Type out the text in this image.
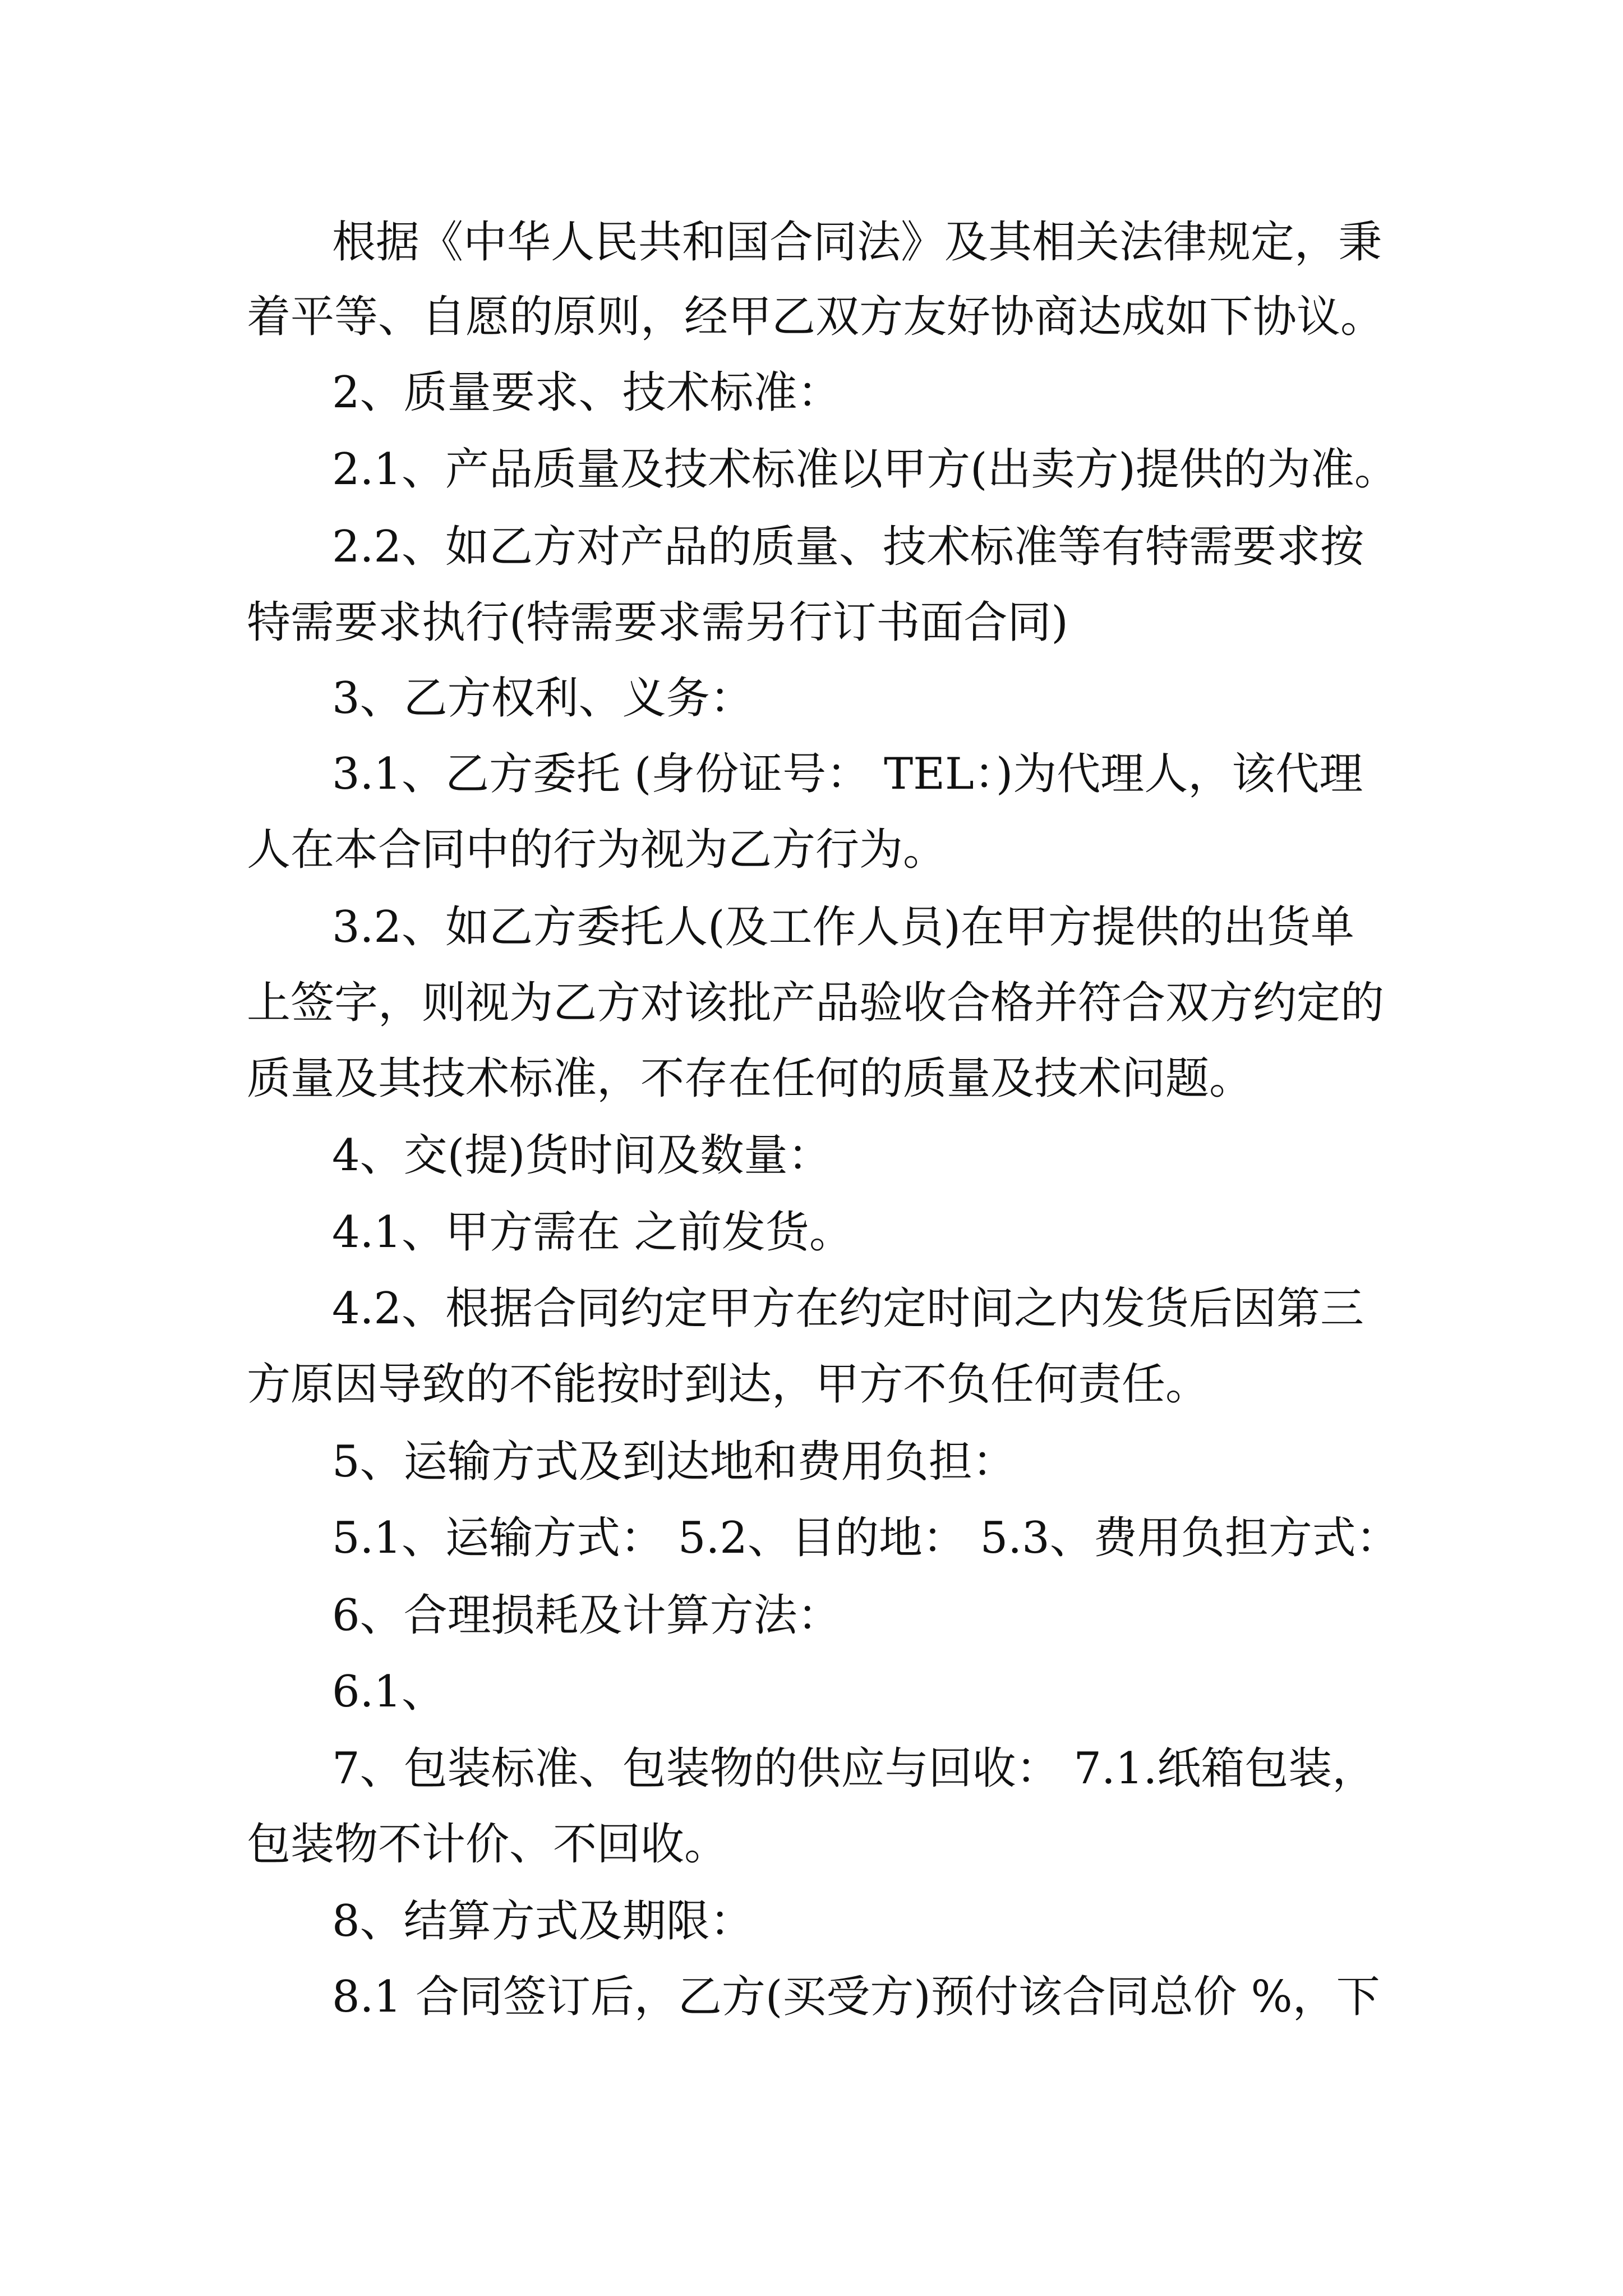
根据《中华人民共和国合同法》及其相关法律规定，秉
着平等、自愿的原则，经甲乙双方友好协商达成如下协议。
2、质量要求、技术标准：
2.1、产品质量及技术标准以甲方(出卖方)提供的为准。
2.2、如乙方对产品的质量、技术标准等有特需要求按
特需要求执行(特需要求需另行订书面合同)
3、乙方权利、义务：
3.1、乙方委托 (身份证号： TEL：)为代理人，该代理
人在本合同中的行为视为乙方行为。
3.2、如乙方委托人(及工作人员)在甲方提供的出货单
上签字，则视为乙方对该批产品验收合格并符合双方约定的
质量及其技术标准，不存在任何的质量及技术问题。
4、交(提)货时间及数量：
4.1、甲方需在 之前发货。
4.2、根据合同约定甲方在约定时间之内发货后因第三
方原因导致的不能按时到达，甲方不负任何责任。
5、运输方式及到达地和费用负担：
5.1、运输方式： 5.2、目的地： 5.3、费用负担方式：
6、合理损耗及计算方法：
6.1、
7、包装标准、包装物的供应与回收： 7.1.纸箱包装，
包装物不计价、不回收。
8、结算方式及期限：
8.1 合同签订后，乙方(买受方)预付该合同总价 %，下
